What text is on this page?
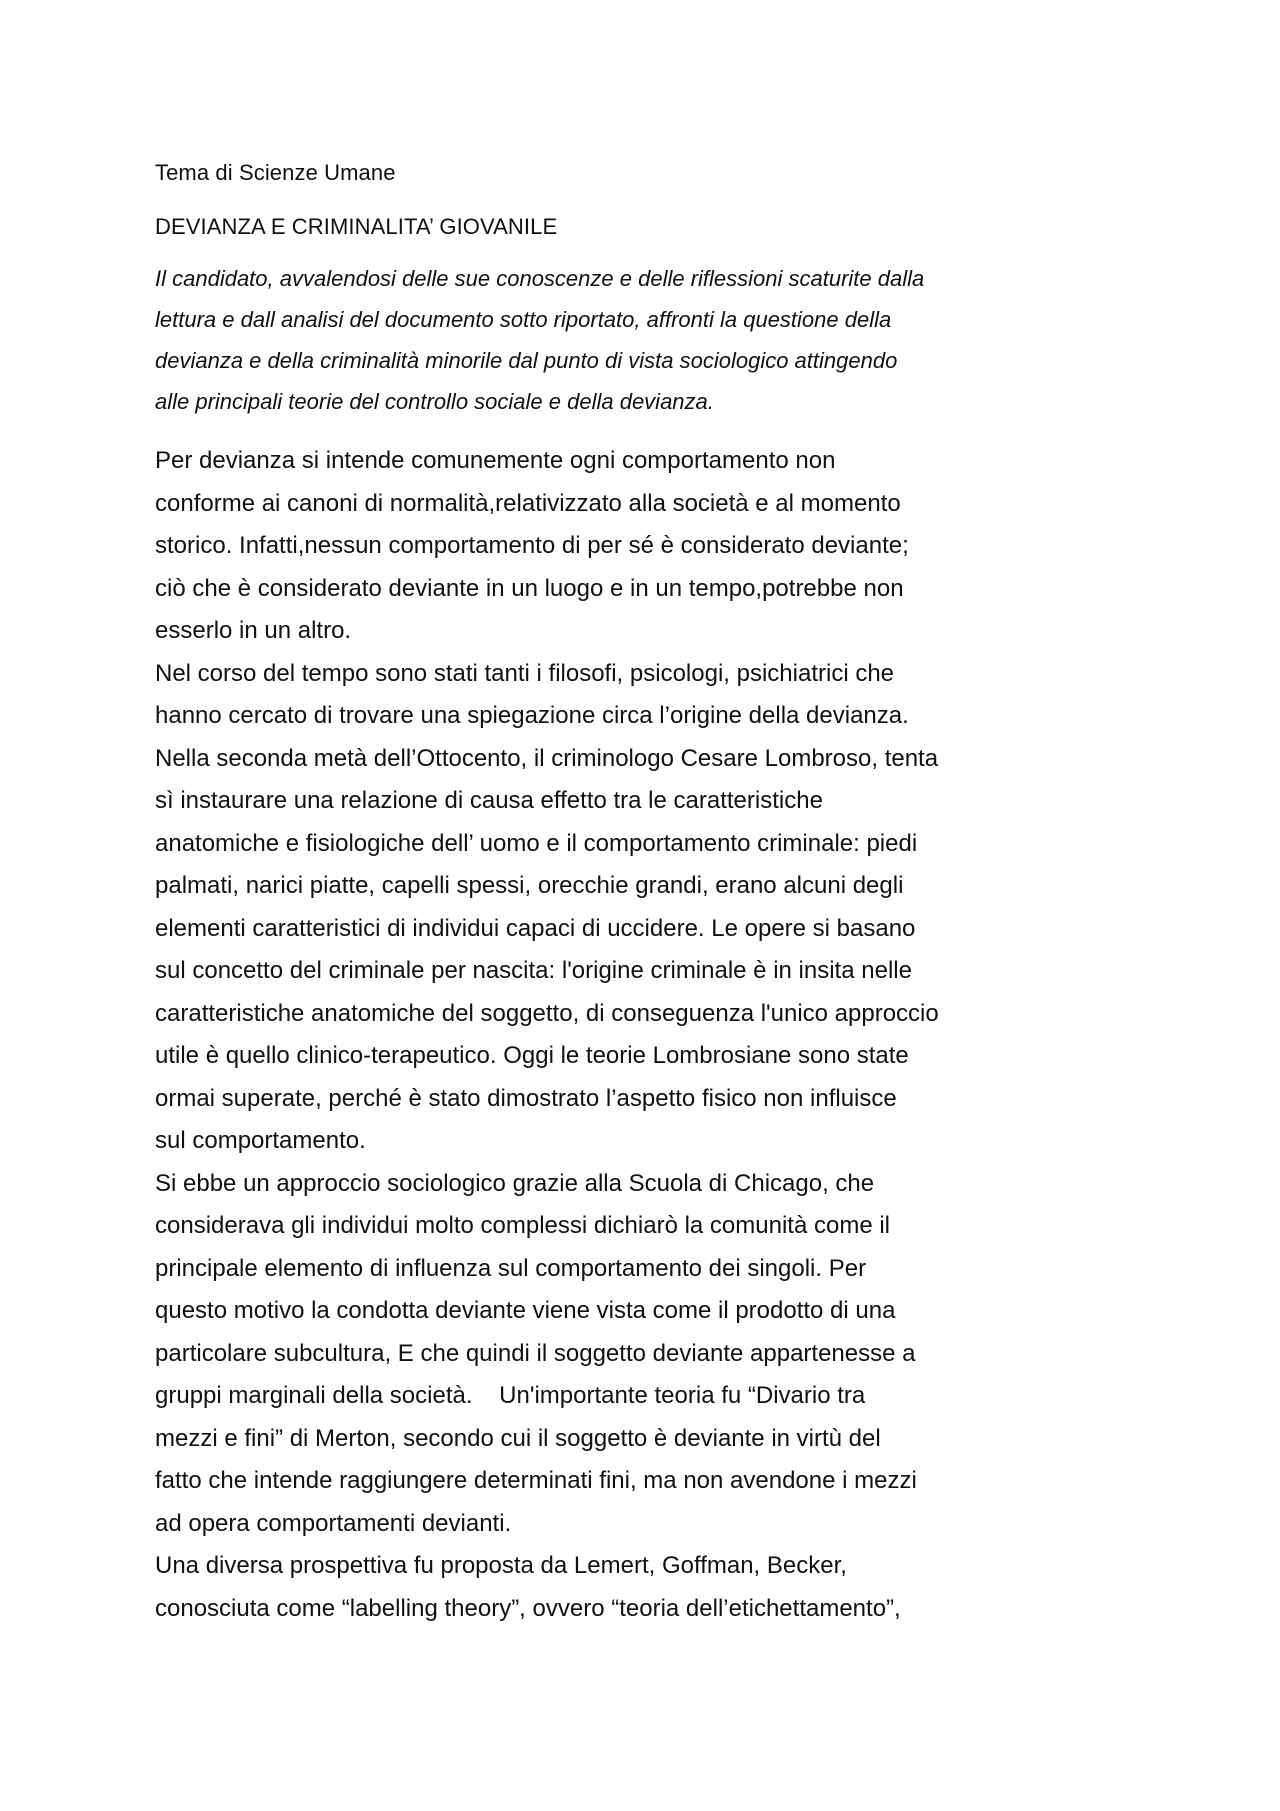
Tema di Scienze Umane
DEVIANZA E CRIMINALITA’ GIOVANILE
Il candidato, avvalendosi delle sue conoscenze e delle riflessioni scaturite dalla
lettura e dall analisi del documento sotto riportato, affronti la questione della
devianza e della criminalità minorile dal punto di vista sociologico attingendo
alle principali teorie del controllo sociale e della devianza.
Per devianza si intende comunemente ogni comportamento non
conforme ai canoni di normalità,relativizzato alla società e al momento
storico. Infatti,nessun comportamento di per sé è considerato deviante;
ciò che è considerato deviante in un luogo e in un tempo,potrebbe non
esserlo in un altro.
Nel corso del tempo sono stati tanti i filosofi, psicologi, psichiatrici che
hanno cercato di trovare una spiegazione circa l’origine della devianza.
Nella seconda metà dell’Ottocento, il criminologo Cesare Lombroso, tenta
sì instaurare una relazione di causa effetto tra le caratteristiche
anatomiche e fisiologiche dell’ uomo e il comportamento criminale: piedi
palmati, narici piatte, capelli spessi, orecchie grandi, erano alcuni degli
elementi caratteristici di individui capaci di uccidere. Le opere si basano
sul concetto del criminale per nascita: l'origine criminale è in insita nelle
caratteristiche anatomiche del soggetto, di conseguenza l'unico approccio
utile è quello clinico-terapeutico. Oggi le teorie Lombrosiane sono state
ormai superate, perché è stato dimostrato l’aspetto fisico non influisce
sul comportamento.
Si ebbe un approccio sociologico grazie alla Scuola di Chicago, che
considerava gli individui molto complessi dichiarò la comunità come il
principale elemento di influenza sul comportamento dei singoli. Per
questo motivo la condotta deviante viene vista come il prodotto di una
particolare subcultura, E che quindi il soggetto deviante appartenesse a
gruppi marginali della società.    Un'importante teoria fu “Divario tra
mezzi e fini” di Merton, secondo cui il soggetto è deviante in virtù del
fatto che intende raggiungere determinati fini, ma non avendone i mezzi
ad opera comportamenti devianti.
Una diversa prospettiva fu proposta da Lemert, Goffman, Becker,
conosciuta come “labelling theory”, ovvero “teoria dell’etichettamento”,
